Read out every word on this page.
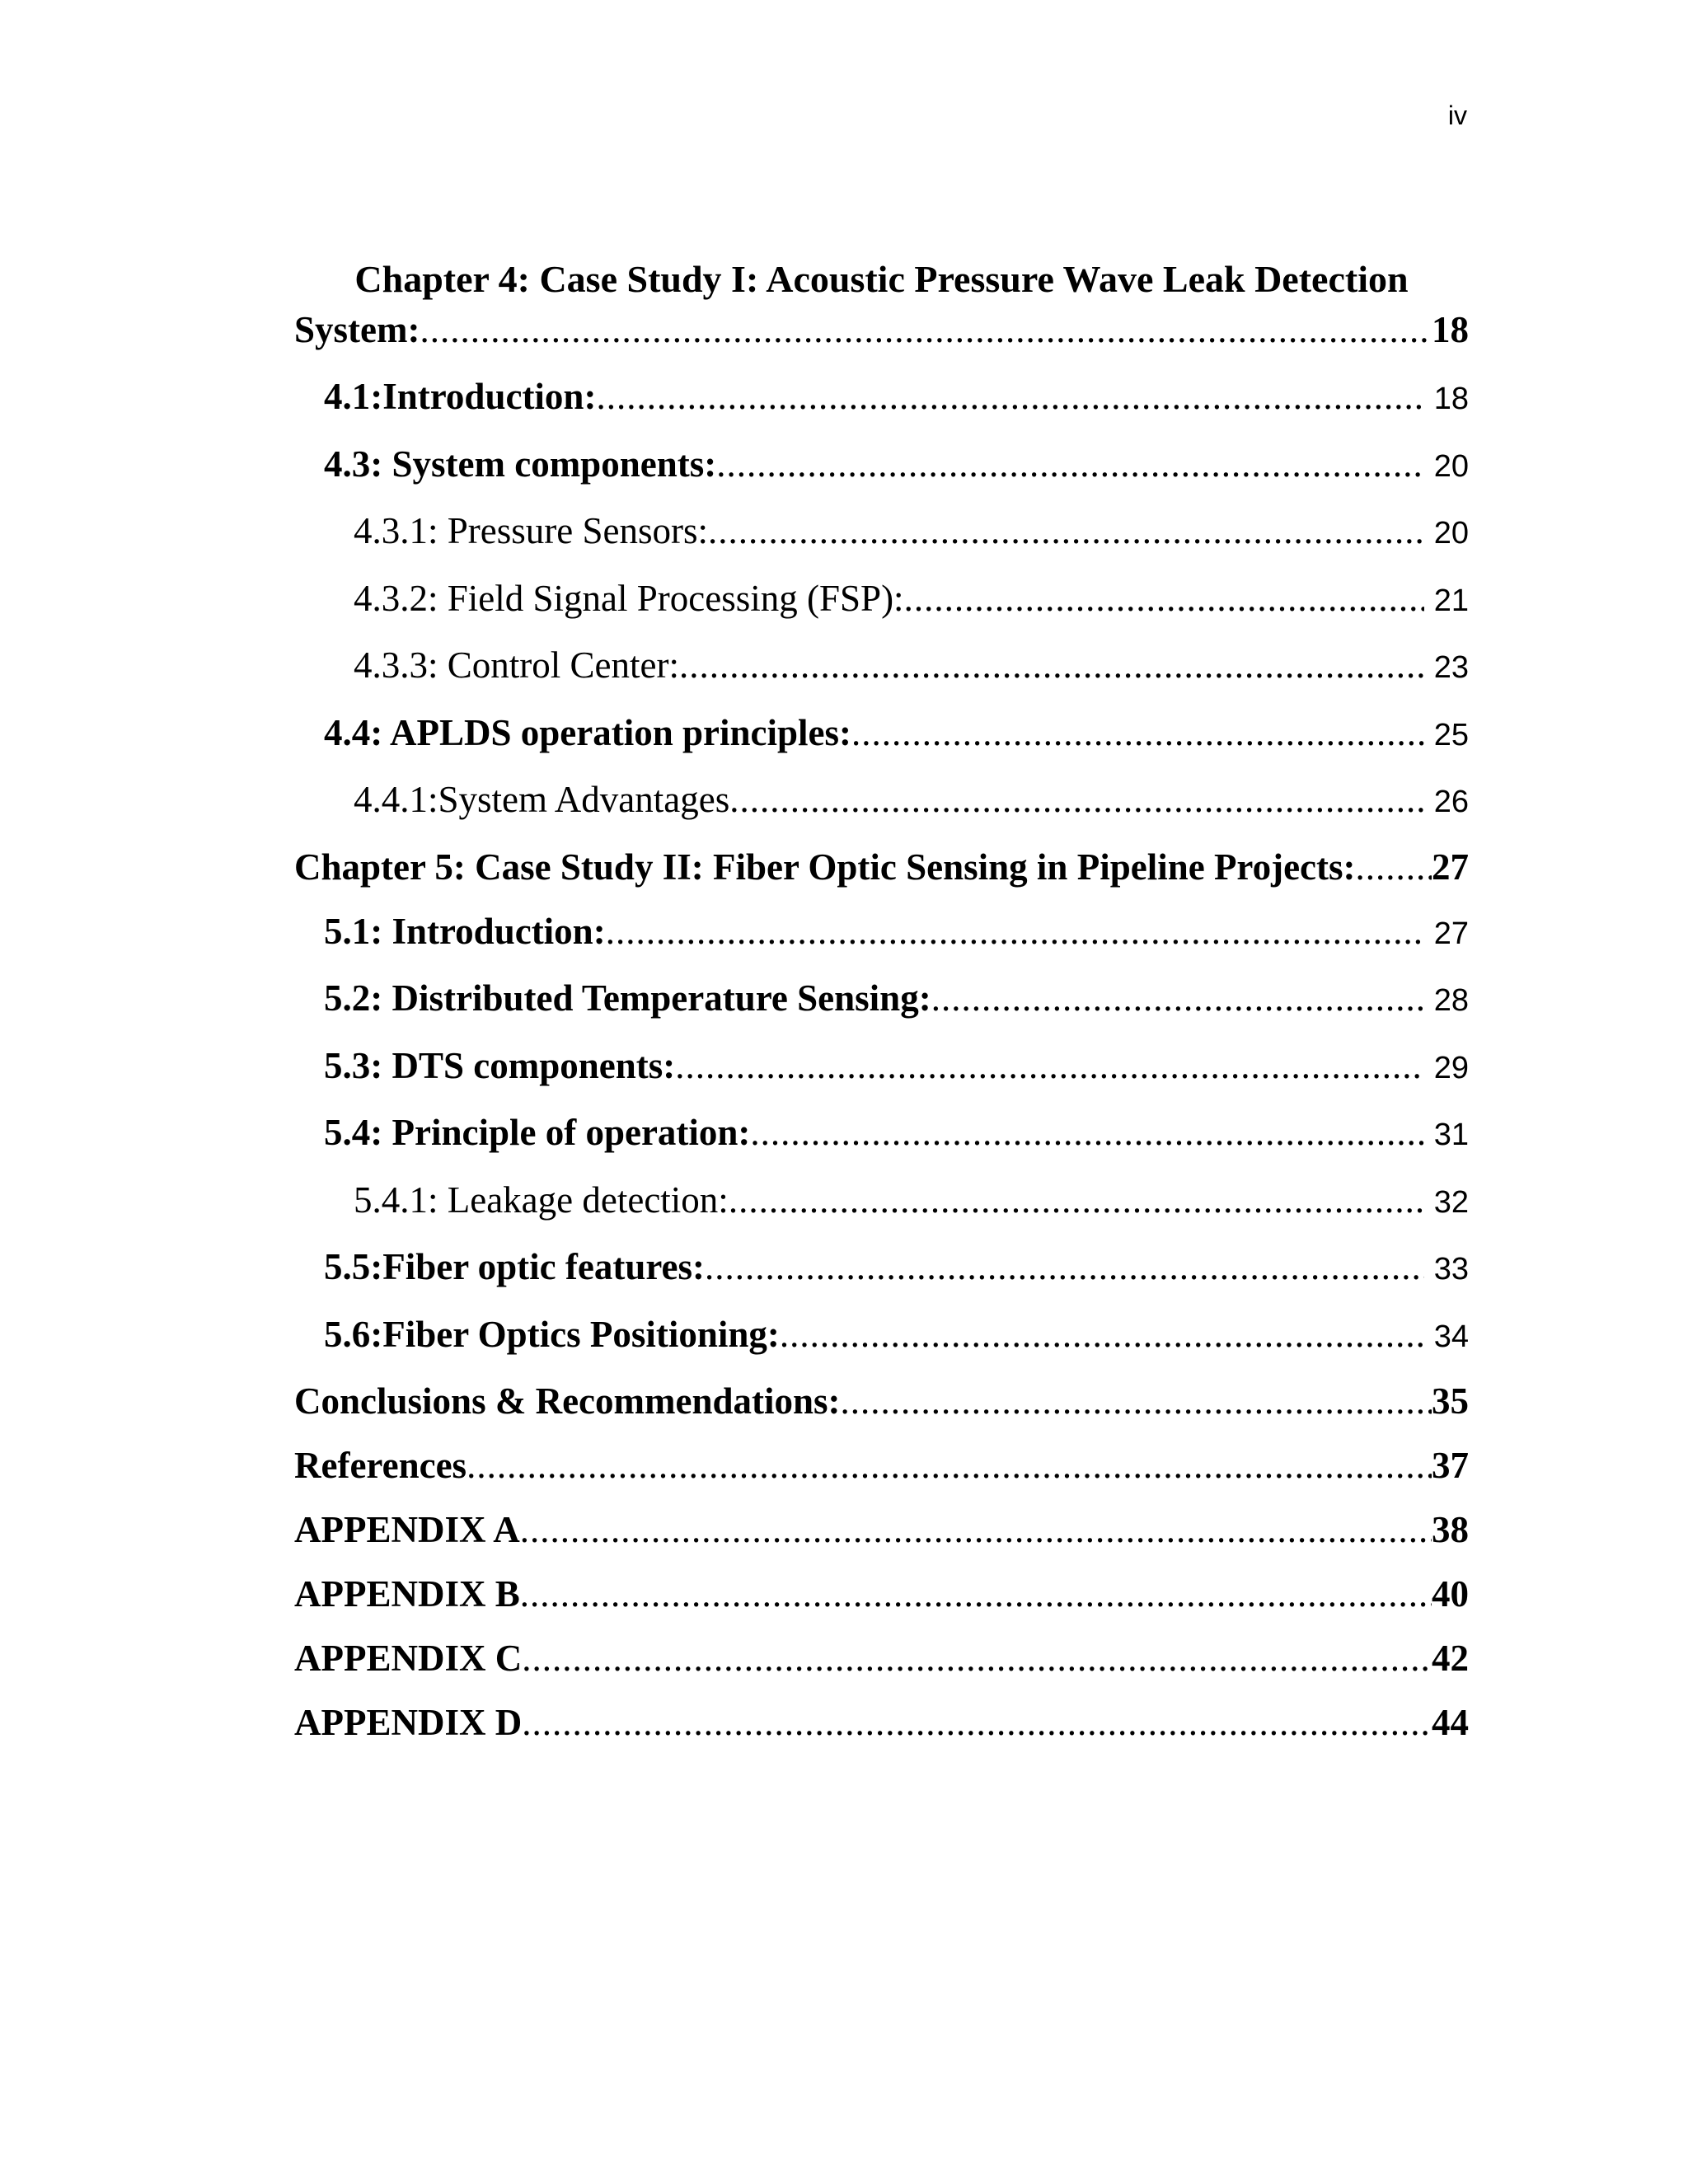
iv
Chapter 4: Case Study I: Acoustic Pressure Wave Leak Detection
System: .....	18
4.1:Introduction: .....	18
4.3: System components: .....	20
4.3.1: Pressure Sensors: .....	20
4.3.2: Field Signal Processing (FSP): .....	21
4.3.3: Control Center: .....	23
4.4: APLDS operation principles: .....	25
4.4.1:System Advantages .....	26
Chapter 5: Case Study II: Fiber Optic Sensing in Pipeline Projects: ..... 27
5.1: Introduction: .....	27
5.2: Distributed Temperature Sensing: .....	28
5.3: DTS components: .....	29
5.4: Principle of operation: .....	31
5.4.1: Leakage detection: .....	32
5.5:Fiber optic features: .....	33
5.6:Fiber Optics Positioning: .....	34
Conclusions & Recommendations: .....	35
References .....	37
APPENDIX A .....	38
APPENDIX B .....	40
APPENDIX C .....	42
APPENDIX D .....	44
